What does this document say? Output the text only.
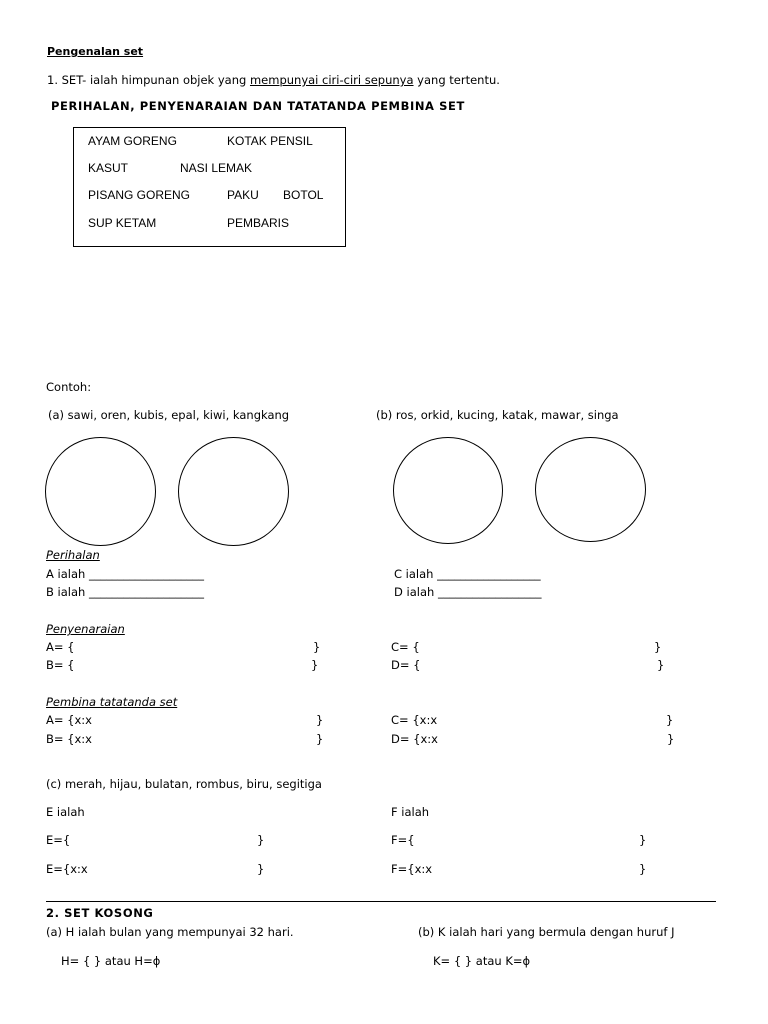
Pengenalan set
1. SET- ialah himpunan objek yang mempunyai ciri-ciri sepunya yang tertentu.
PERIHALAN, PENYENARAIAN DAN TATATANDA PEMBINA SET
AYAM GORENG	KOTAK PENSIL
KASUT	NASI LEMAK
PISANG GORENG	PAKU BOTOL
SUP KETAM	PEMBARIS
Contoh:
(a) sawi, oren, kubis, epal, kiwi, kangkang	(b) ros, orkid, kucing, katak, mawar, singa
Perihalan
A ialah ____________________
B ialah ____________________
C ialah __________________
D ialah __________________
Penyenaraian
A= {	}
B= {	}
C= {	}
D= {	}
Pembina tatatanda set
A= {x:x	}
B= {x:x	}
C= {x:x	}
D= {x:x	}
(c) merah, hijau, bulatan, rombus, biru, segitiga
E ialah	F ialah
E={	}	F={	}
E={x:x	}	F={x:x	}
2. SET KOSONG
(a) H ialah bulan yang mempunyai 32 hari.	(b) K ialah hari yang bermula dengan huruf J
H= { } atau H=ɸ	K= { } atau K=ɸ
